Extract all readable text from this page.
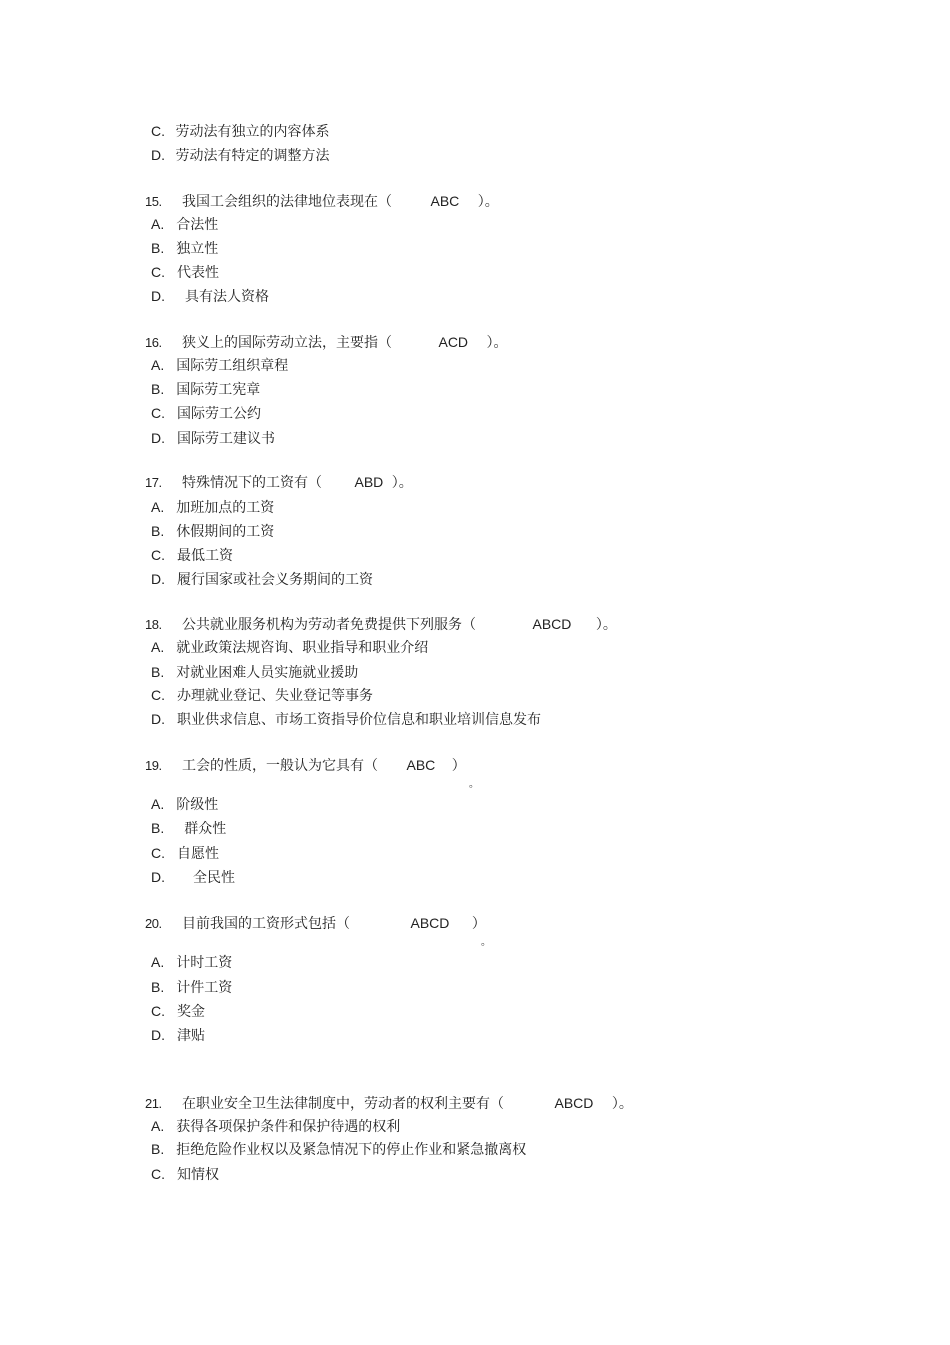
C. 劳动法有独立的内容体系
D. 劳动法有特定的调整方法
15. 我国工会组织的法律地位表现在（	ABC ）。
A. 合法性
B. 独立性
C. 代表性
D. 具有法人资格
16. 狭义上的国际劳动立法，主要指（	ACD ）。
A. 国际劳工组织章程
B. 国际劳工宪章
C. 国际劳工公约
D. 国际劳工建议书
17. 特殊情况下的工资有（ ABD ）。
A. 加班加点的工资
B. 休假期间的工资
C. 最低工资
D. 履行国家或社会义务期间的工资
18. 公共就业服务机构为劳动者免费提供下列服务（	ABCD ）。
A. 就业政策法规咨询、职业指导和职业介绍
B. 对就业困难人员实施就业援助
C. 办理就业登记、失业登记等事务
D. 职业供求信息、市场工资指导价位信息和职业培训信息发布
19. 工会的性质，一般认为它具有（ ABC ）
。
A. 阶级性
B. 群众性
C. 自愿性
D. 全民性
20. 目前我国的工资形式包括（	ABCD ）
。
A. 计时工资
B. 计件工资
C. 奖金
D. 津贴
21. 在职业安全卫生法律制度中，劳动者的权利主要有（	ABCD ）。
A. 获得各项保护条件和保护待遇的权利
B. 拒绝危险作业权以及紧急情况下的停止作业和紧急撤离权
C. 知情权
